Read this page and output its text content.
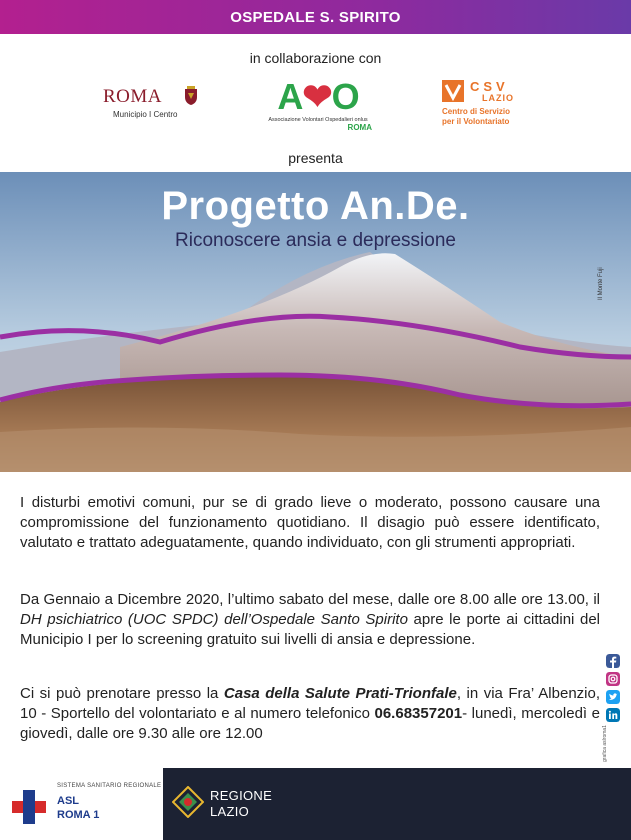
OSPEDALE S. SPIRITO
in collaborazione con
ROMA
Municipio I Centro	A❤O
Associazione Volontari Ospedalieri onlus
ROMA
CSV
LAZIO
Centro di Servizio
per il Volontariato
presenta
Progetto An.De.
Riconoscere ansia e depressione
Il Monte Fuji
I disturbi emotivi comuni, pur se di grado lieve o moderato, possono causare una compromissione del funzionamento quotidiano. Il disagio può essere identificato, valutato e trattato adeguatamente, quando individuato, con gli strumenti appropriati.
Da Gennaio a Dicembre 2020, l’ultimo sabato del mese, dalle ore 8.00 alle ore 13.00, il DH psichiatrico (UOC SPDC) dell’Ospedale Santo Spirito apre le porte ai cittadini del Municipio I per lo screening gratuito sui livelli di ansia e depressione.
Ci si può prenotare presso la Casa della Salute Prati-Trionfale, in via Fra’ Albenzio, 10 - Sportello del volontariato e al numero telefonico 06.68357201- lunedì, mercoledì e giovedì, dalle ore 9.30 alle ore 12.00	grafica aslroma1
SISTEMA SANITARIO REGIONALE
ASL
ROMA 1
REGIONE
LAZIO
